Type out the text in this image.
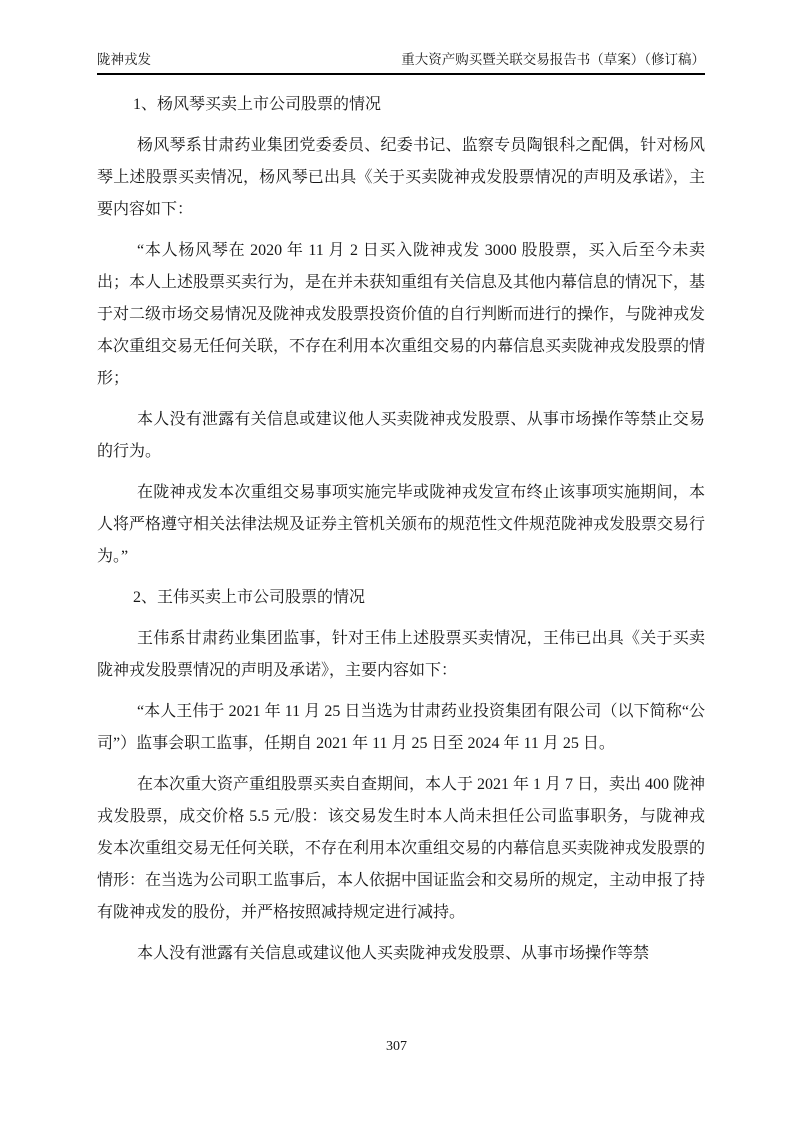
陇神戎发	重大资产购买暨关联交易报告书（草案）（修订稿）
1、杨风琴买卖上市公司股票的情况

杨风琴系甘肃药业集团党委委员、纪委书记、监察专员陶银科之配偶，针对杨风琴上述股票买卖情况，杨风琴已出具《关于买卖陇神戎发股票情况的声明及承诺》，主要内容如下：

“本人杨风琴在 2020 年 11 月 2 日买入陇神戎发 3000 股股票，买入后至今未卖出；本人上述股票买卖行为，是在并未获知重组有关信息及其他内幕信息的情况下，基于对二级市场交易情况及陇神戎发股票投资价值的自行判断而进行的操作，与陇神戎发本次重组交易无任何关联，不存在利用本次重组交易的内幕信息买卖陇神戎发股票的情形；

本人没有泄露有关信息或建议他人买卖陇神戎发股票、从事市场操作等禁止交易的行为。

在陇神戎发本次重组交易事项实施完毕或陇神戎发宣布终止该事项实施期间，本人将严格遵守相关法律法规及证券主管机关颁布的规范性文件规范陇神戎发股票交易行为。”

2、王伟买卖上市公司股票的情况

王伟系甘肃药业集团监事，针对王伟上述股票买卖情况，王伟已出具《关于买卖陇神戎发股票情况的声明及承诺》，主要内容如下：

“本人王伟于 2021 年 11 月 25 日当选为甘肃药业投资集团有限公司（以下简称“公司”）监事会职工监事，任期自 2021 年 11 月 25 日至 2024 年 11 月 25 日。

在本次重大资产重组股票买卖自查期间，本人于 2021 年 1 月 7 日，卖出 400 陇神戎发股票，成交价格 5.5 元/股：该交易发生时本人尚未担任公司监事职务，与陇神戎发本次重组交易无任何关联，不存在利用本次重组交易的内幕信息买卖陇神戎发股票的情形：在当选为公司职工监事后，本人依据中国证监会和交易所的规定，主动申报了持有陇神戎发的股份，并严格按照减持规定进行减持。

本人没有泄露有关信息或建议他人买卖陇神戎发股票、从事市场操作等禁

307
